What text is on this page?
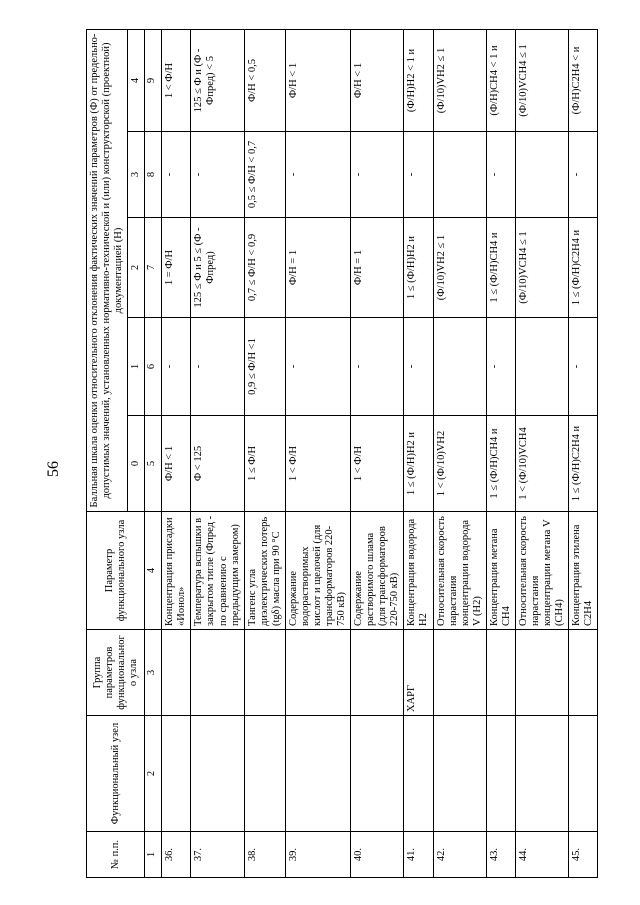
56
№ п.п.	Функциональный узел	Группа параметров функционального узла	Параметр функционального узла	Балльная шкала оценки относительного отклонения фактических значений параметров (Ф) от предельно-допустимых значений, установленных нормативно-технической и (или) конструкторской (проектной) документацией (Н)				
				0	1	2	3	4
1	2	3	4	5	6	7	8	9
36.			Концентрация присадки «Ионол»	Ф/Н < 1	-	1 = Ф/Н	-	1 < Ф/Н
37.			Температура вспышки в закрытом тигле (Фпред - по сравнению с предыдущим замером)	Ф < 125	-	125 ≤ Ф и 5 ≤ (Ф - Фпред)	-	125 ≤ Ф и (Ф - Фпред) < 5
38.			Тангенс угла диэлектрических потерь (tgδ) масла при 90 °С	1 ≤ Ф/Н	0,9 ≤ Ф/Н <1	0,7 ≤ Ф/Н < 0,9	0,5 ≤ Ф/Н < 0,7	Ф/Н < 0,5
39.			Содержание водорастворимых кислот и щелочей (для трансформаторов 220-750 кВ)	1 < Ф/Н	-	Ф/Н = 1	-	Ф/Н < 1
40.			Содержание растворимого шлама (для трансформаторов 220-750 кВ)	1 < Ф/Н	-	Ф/Н = 1	-	Ф/Н < 1
41.		ХАРГ	Концентрация водорода H2	1 ≤ (Ф/Н)H2 и	-	1 ≤ (Ф/Н)H2 и	-	(Ф/Н)H2 < 1 и
42.			Относительная скорость нарастания концентрации водорода V (H2)	1 < (Ф/10)VH2		(Ф/10)VH2 ≤ 1		(Ф/10)VH2 ≤ 1
43.			Концентрация метана CH4	1 ≤ (Ф/Н)CH4 и	-	1 ≤ (Ф/Н)CH4 и	-	(Ф/Н)CH4 < 1 и
44.			Относительная скорость нарастания концентрации метана V (CH4)	1 < (Ф/10)VCH4		(Ф/10)VCH4 ≤ 1		(Ф/10)VCH4 ≤ 1
45.			Концентрация этилена C2H4	1 ≤ (Ф/Н)C2H4 и	-	1 ≤ (Ф/Н)C2H4 и	-	(Ф/Н)C2H4 < и
